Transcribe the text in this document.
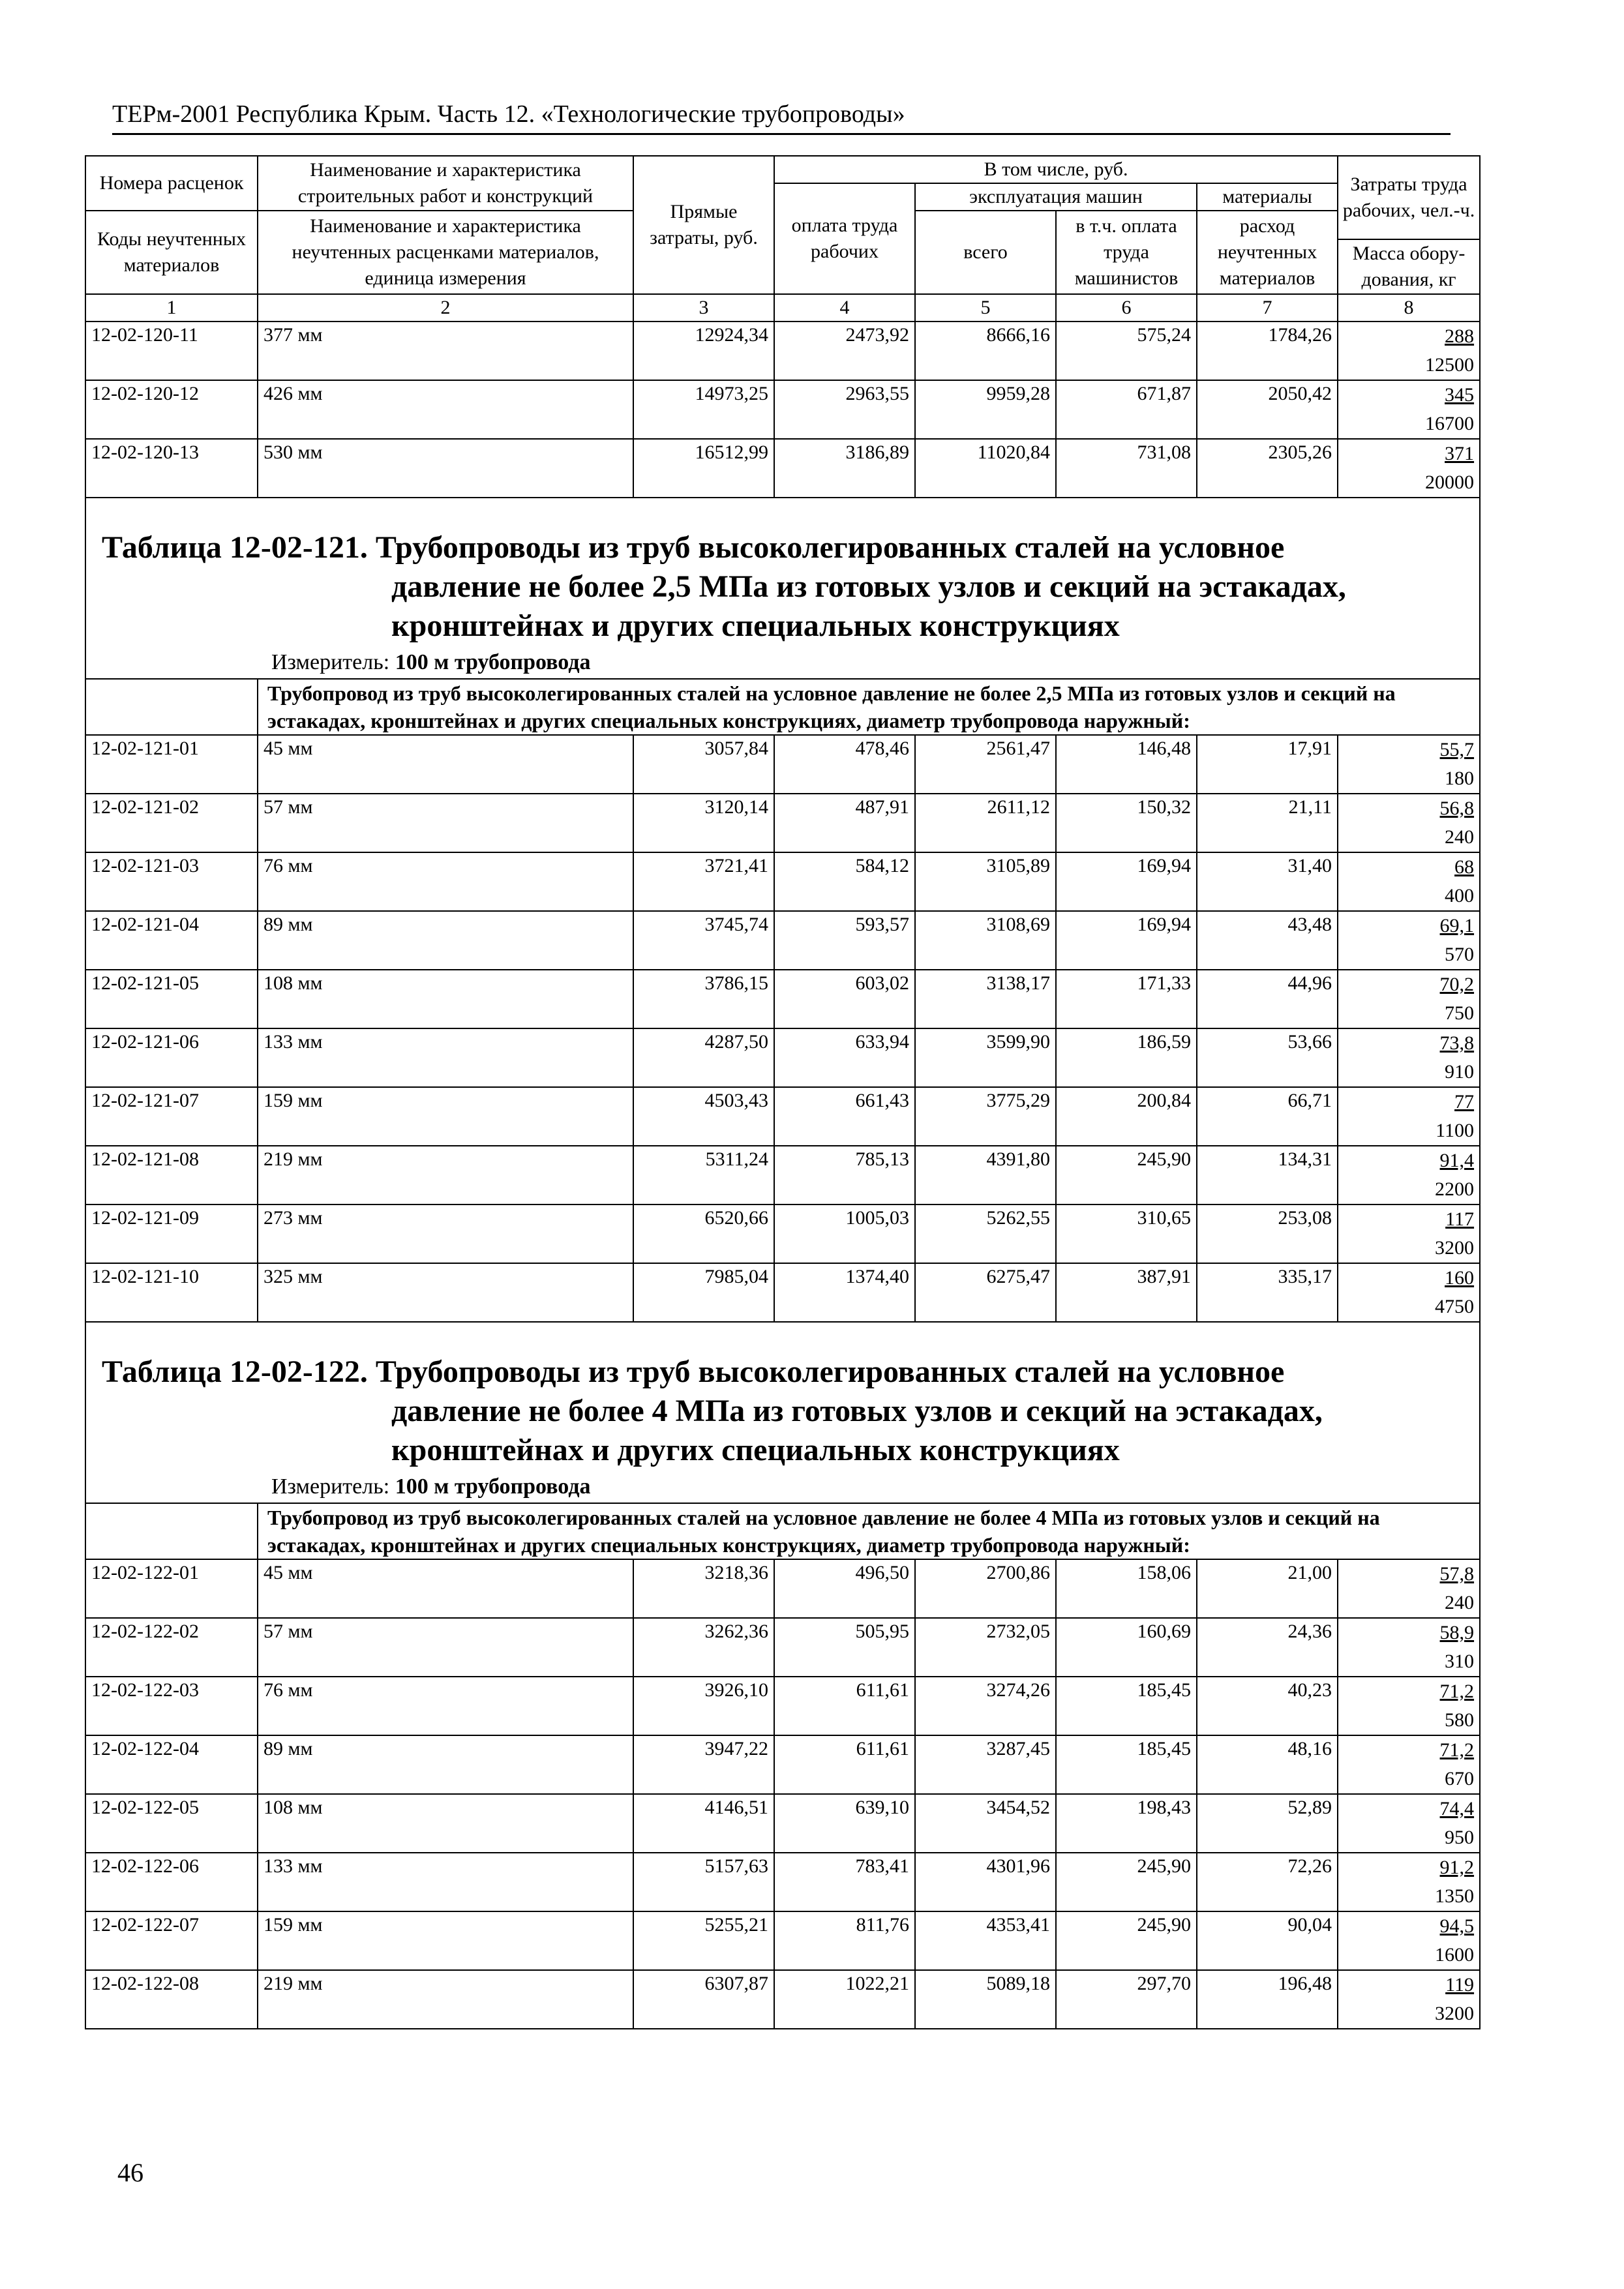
ТЕРм-2001 Республика Крым. Часть 12. «Технологические трубопроводы»
Номера расценок	Наименование и характеристика строительных работ и конструкций	Прямые затраты, руб.	В том числе, руб.				Затраты труда рабочих, чел.-ч.
			оплата труда рабочих	эксплуатация машин		материалы	
Коды неучтенных материалов	Наименование и характеристика неучтенных расценками материалов, единица измерения			всего	в т.ч. оплата труда машинистов	расход неучтенных материалов	
							Масса обору-дования, кг
1	2	3	4	5	6	7	8
12-02-120-11	377 мм	12924,34	2473,92	8666,16	575,24	1784,26	288
12500

12-02-120-12	426 мм	14973,25	2963,55	9959,28	671,87	2050,42	345
16700

12-02-120-13	530 мм	16512,99	3186,89	11020,84	731,08	2305,26	371
20000

Таблица 12-02-121. Трубопроводы из труб высоколегированных сталей на условное
давление не более 2,5 МПа из готовых узлов и секций на эстакадах,
кронштейнах и других специальных конструкциях
Измеритель: 100 м трубопровода							

	Трубопровод из труб высоколегированных сталей на условное давление не более 2,5 МПа из готовых узлов и секций на эстакадах, кронштейнах и других специальных конструкциях, диаметр трубопровода наружный:						
12-02-121-01	45 мм	3057,84	478,46	2561,47	146,48	17,91	55,7
180

12-02-121-02	57 мм	3120,14	487,91	2611,12	150,32	21,11	56,8
240

12-02-121-03	76 мм	3721,41	584,12	3105,89	169,94	31,40	68
400

12-02-121-04	89 мм	3745,74	593,57	3108,69	169,94	43,48	69,1
570

12-02-121-05	108 мм	3786,15	603,02	3138,17	171,33	44,96	70,2
750

12-02-121-06	133 мм	4287,50	633,94	3599,90	186,59	53,66	73,8
910

12-02-121-07	159 мм	4503,43	661,43	3775,29	200,84	66,71	77
1100

12-02-121-08	219 мм	5311,24	785,13	4391,80	245,90	134,31	91,4
2200

12-02-121-09	273 мм	6520,66	1005,03	5262,55	310,65	253,08	117
3200

12-02-121-10	325 мм	7985,04	1374,40	6275,47	387,91	335,17	160
4750

Таблица 12-02-122. Трубопроводы из труб высоколегированных сталей на условное
давление не более 4 МПа из готовых узлов и секций на эстакадах,
кронштейнах и других специальных конструкциях
Измеритель: 100 м трубопровода							

	Трубопровод из труб высоколегированных сталей на условное давление не более 4 МПа из готовых узлов и секций на эстакадах, кронштейнах и других специальных конструкциях, диаметр трубопровода наружный:						
12-02-122-01	45 мм	3218,36	496,50	2700,86	158,06	21,00	57,8
240

12-02-122-02	57 мм	3262,36	505,95	2732,05	160,69	24,36	58,9
310

12-02-122-03	76 мм	3926,10	611,61	3274,26	185,45	40,23	71,2
580

12-02-122-04	89 мм	3947,22	611,61	3287,45	185,45	48,16	71,2
670

12-02-122-05	108 мм	4146,51	639,10	3454,52	198,43	52,89	74,4
950

12-02-122-06	133 мм	5157,63	783,41	4301,96	245,90	72,26	91,2
1350

12-02-122-07	159 мм	5255,21	811,76	4353,41	245,90	90,04	94,5
1600

12-02-122-08	219 мм	6307,87	1022,21	5089,18	297,70	196,48	119
3200
46
